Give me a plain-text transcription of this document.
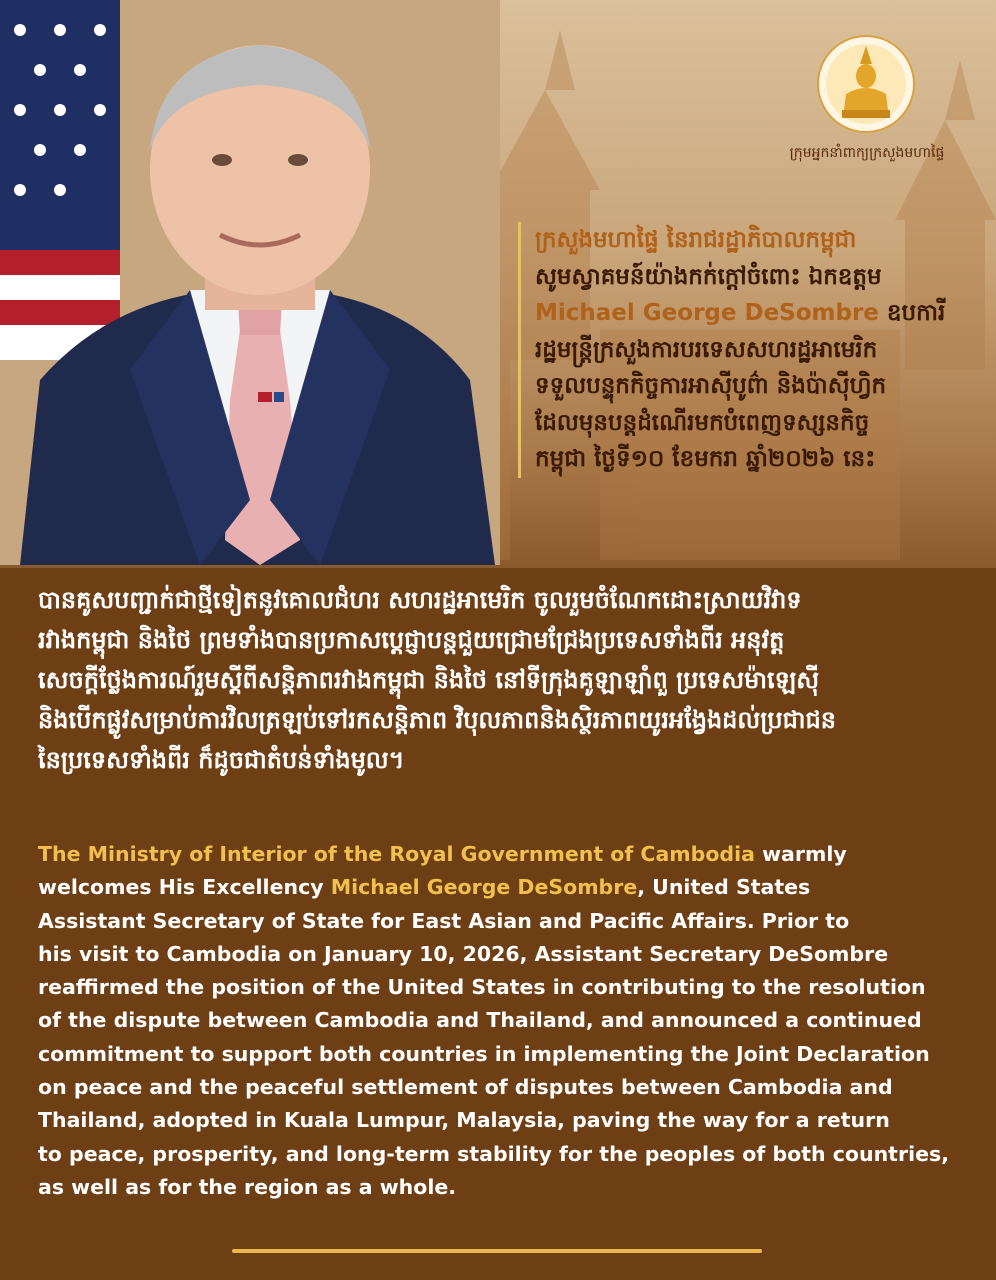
ក្រុមអ្នកនាំពាក្យក្រសួងមហាផ្ទៃ

ក្រសួងមហាផ្ទៃ នៃរាជរដ្ឋាភិបាលកម្ពុជា

សូមស្វាគមន៍យ៉ាងកក់ក្ដៅចំពោះ ឯកឧត្តម

Michael George DeSombre ឧបការី

រដ្ឋមន្ត្រីក្រសួងការបរទេសសហរដ្ឋអាមេរិក

ទទួលបន្ទុកកិច្ចការអាស៊ីបូព៌ា និងប៉ាស៊ីហ្វិក

ដែលមុនបន្ដដំណើរមកបំពេញទស្សនកិច្ច

កម្ពុជា ថ្ងៃទី១០ ខែមករា ឆ្នាំ២០២៦ នេះ

បានគូសបញ្ជាក់ជាថ្មីទៀតនូវគោលជំហរ សហរដ្ឋអាមេរិក ចូលរួមចំណែកដោះស្រាយវិវាទ

រវាងកម្ពុជា និងថៃ ព្រមទាំងបានប្រកាសប្ដេជ្ញាបន្ដជួយជ្រោមជ្រែងប្រទេសទាំងពីរ អនុវត្ត

សេចក្ដីថ្លែងការណ៍រួមស្ដីពីសន្តិភាពរវាងកម្ពុជា និងថៃ នៅទីក្រុងគូឡាឡាំពួ ប្រទេសម៉ាឡេស៊ី

និងបើកផ្លូវសម្រាប់ការវិលត្រឡប់ទៅរកសន្តិភាព វិបុលភាពនិងស្ថិរភាពយូរអង្វែងដល់ប្រជាជន

នៃប្រទេសទាំងពីរ ក៏ដូចជាតំបន់ទាំងមូល។

The Ministry of Interior of the Royal Government of Cambodia warmly

welcomes His Excellency Michael George DeSombre, United States

Assistant Secretary of State for East Asian and Pacific Affairs. Prior to

his visit to Cambodia on January 10, 2026, Assistant Secretary DeSombre

reaffirmed the position of the United States in contributing to the resolution

of the dispute between Cambodia and Thailand, and announced a continued

commitment to support both countries in implementing the Joint Declaration

on peace and the peaceful settlement of disputes between Cambodia and

Thailand, adopted in Kuala Lumpur, Malaysia, paving the way for a return

to peace, prosperity, and long-term stability for the peoples of both countries,

as well as for the region as a whole.
